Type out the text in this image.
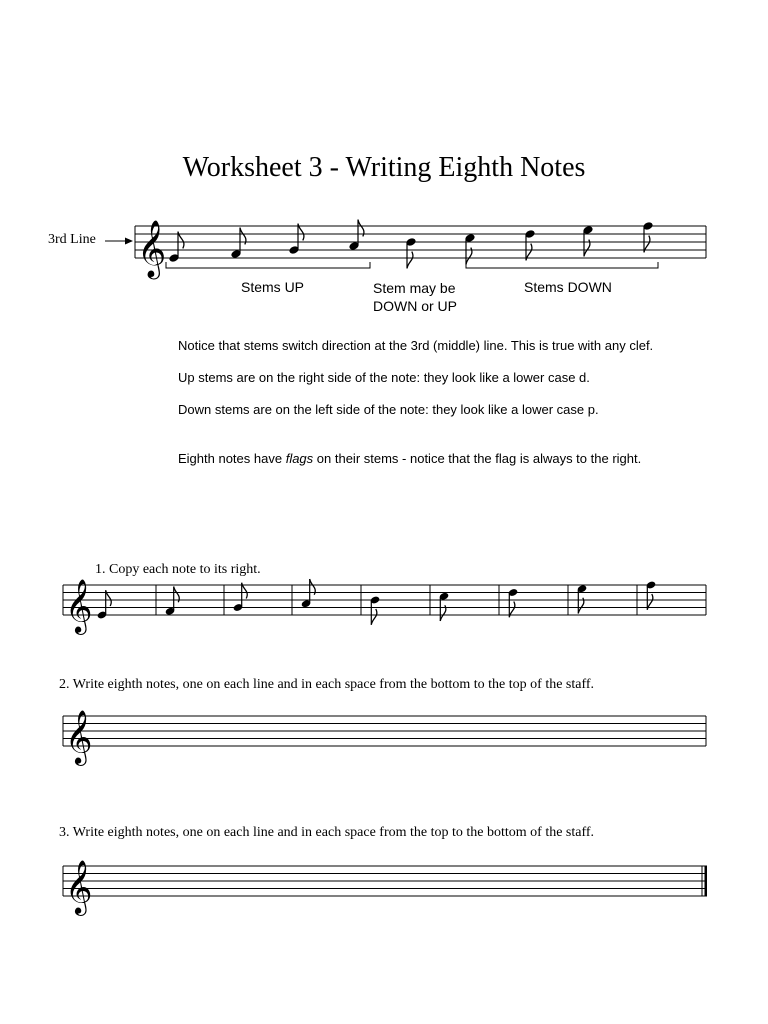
Worksheet 3 - Writing Eighth Notes
3rd Line
Stems UP	Stem may be
DOWN or UP
Stems DOWN
Notice that stems switch direction at the 3rd (middle) line. This is true with any clef.
Up stems are on the right side of the note: they look like a lower case d.
Down stems are on the left side of the note: they look like a lower case p.
Eighth notes have flags on their stems - notice that the flag is always to the right.
1. Copy each note to its right.
2. Write eighth notes, one on each line and in each space from the bottom to the top of the staff.
3. Write eighth notes, one on each line and in each space from the top to the bottom of the staff.
𝄞
𝄞
𝄞
𝄞
